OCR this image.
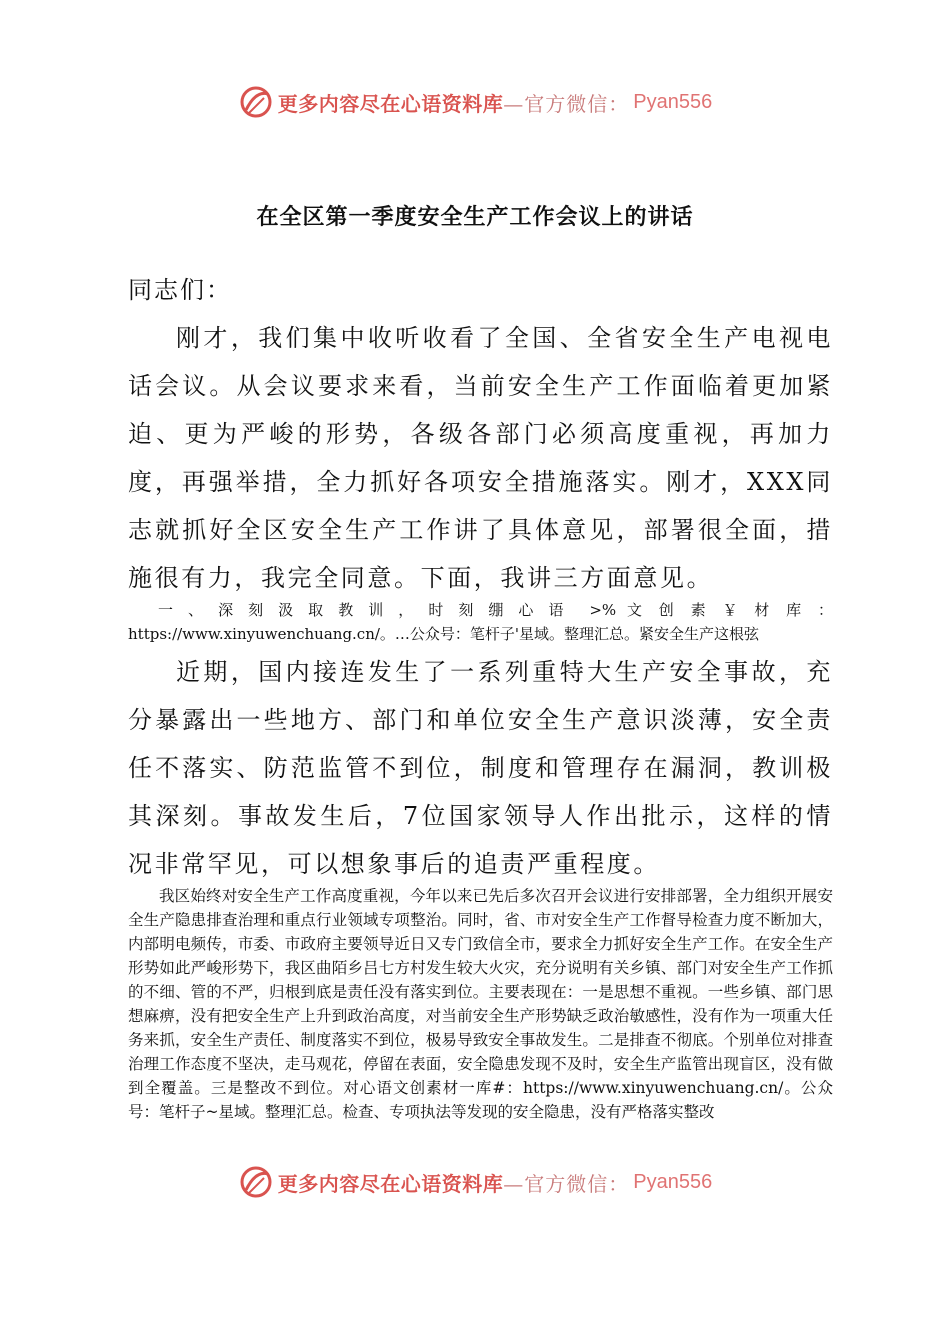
更多内容尽在心语资料库 —官方微信： Pyan556
在全区第一季度安全生产工作会议上的讲话
同志们：

刚才，我们集中收听收看了全国、全省安全生产电视电话会议。从会议要求来看，当前安全生产工作面临着更加紧迫、更为严峻的形势，各级各部门必须高度重视，再加力度，再强举措，全力抓好各项安全措施落实。刚才，XXX同志就抓好全区安全生产工作讲了具体意见，部署很全面，措施很有力，我完全同意。下面，我讲三方面意见。

一、深刻汲取教训，时刻绷心语 >% 文 创 素 ￥ 材 库 ： https://www.xinyuwenchuang.cn/。…公众号：笔杆子'星域。整理汇总。紧安全生产这根弦

近期，国内接连发生了一系列重特大生产安全事故，充分暴露出一些地方、部门和单位安全生产意识淡薄，安全责任不落实、防范监管不到位，制度和管理存在漏洞，教训极其深刻。事故发生后，7位国家领导人作出批示，这样的情况非常罕见，可以想象事后的追责严重程度。

我区始终对安全生产工作高度重视，今年以来已先后多次召开会议进行安排部署，全力组织开展安全生产隐患排查治理和重点行业领域专项整治。同时，省、市对安全生产工作督导检查力度不断加大，内部明电频传，市委、市政府主要领导近日又专门致信全市，要求全力抓好安全生产工作。在安全生产形势如此严峻形势下，我区曲陌乡吕七方村发生较大火灾，充分说明有关乡镇、部门对安全生产工作抓的不细、管的不严，归根到底是责任没有落实到位。主要表现在：一是思想不重视。一些乡镇、部门思想麻痹，没有把安全生产上升到政治高度，对当前安全生产形势缺乏政治敏感性，没有作为一项重大任务来抓，安全生产责任、制度落实不到位，极易导致安全事故发生。二是排查不彻底。个别单位对排查治理工作态度不坚决，走马观花，停留在表面，安全隐患发现不及时，安全生产监管出现盲区，没有做到全覆盖。三是整改不到位。对心语文创素材一库#：https://www.xinyuwenchuang.cn/。公众号：笔杆子~星域。整理汇总。检查、专项执法等发现的安全隐患，没有严格落实整改

更多内容尽在心语资料库 —官方微信： Pyan556
